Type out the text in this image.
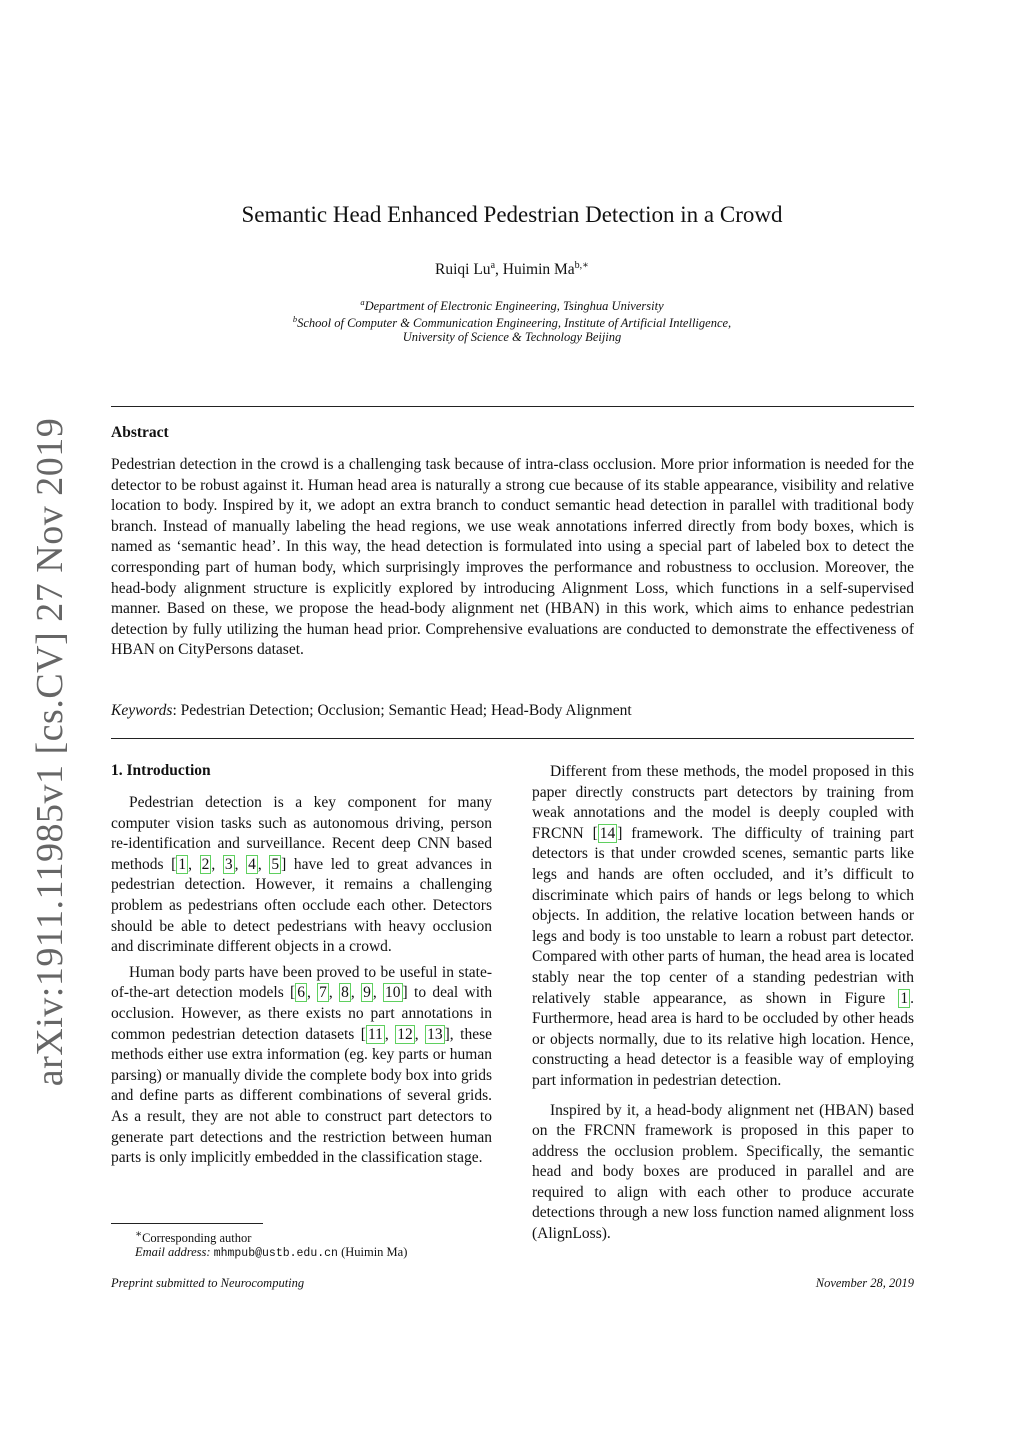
arXiv:1911.11985v1 [cs.CV] 27 Nov 2019
Semantic Head Enhanced Pedestrian Detection in a Crowd
Ruiqi Lu$^a$, Huimin $Ma^{b,∗}$
$^a$Department of Electronic Engineering, Tsinghua University
$^b$School of Computer & Communication Engineering, Institute of Artificial Intelligence,
University of Science & Technology Beijing
Abstract
Pedestrian detection in the crowd is a challenging task because of intra-class occlusion. More prior information is needed for the detector to be robust against it. Human head area is naturally a strong cue because of its stable appearance, visibility and relative location to body. Inspired by it, we adopt an extra branch to conduct semantic head detection in parallel with traditional body branch. Instead of manually labeling the head regions, we use weak annotations inferred directly from body boxes, which is named as ‘semantic head’. In this way, the head detection is formulated into using a special part of labeled box to detect the corresponding part of human body, which surprisingly improves the performance and robustness to occlusion. Moreover, the head-body alignment structure is explicitly explored by introducing Alignment Loss, which functions in a self-supervised manner. Based on these, we propose the head-body alignment net (HBAN) in this work, which aims to enhance pedestrian detection by fully utilizing the human head prior. Comprehensive evaluations are conducted to demonstrate the effectiveness of HBAN on CityPersons dataset.
Keywords: Pedestrian Detection; Occlusion; Semantic Head; Head-Body Alignment
1. Introduction

Pedestrian detection is a key component for many computer vision tasks such as autonomous driving, person re-identification and surveillance. Recent deep CNN based methods [ 1 , 2 , 3 , 4 , 5 ] have led to great advances in pedestrian detection. However, it remains a challenging problem as pedestrians often occlude each other. Detectors should be able to detect pedestrians with heavy occlusion and discriminate different objects in a crowd.

Human body parts have been proved to be useful in state-of-the-art detection models [ 6 , 7 , 8 , 9 , 10 ] to deal with occlusion. However, as there exists no part annotations in common pedestrian detection datasets [ 11 , 12 , 13 ], these methods either use extra information (eg. key parts or human parsing) or manually divide the complete body box into grids and define parts as different combinations of several grids. As a result, they are not able to construct part detectors to generate part detections and the restriction between human parts is only implicitly embedded in the classification stage.

Different from these methods, the model proposed in this paper directly constructs part detectors by training from weak annotations and the model is deeply coupled with FRCNN [ 14 ] framework. The difficulty of training part detectors is that under crowded scenes, semantic parts like legs and hands are often occluded, and it’s difficult to discriminate which pairs of hands or legs belong to which objects. In addition, the relative location between hands or legs and body is too unstable to learn a robust part detector. Compared with other parts of human, the head area is located stably near the top center of a standing pedestrian with relatively stable appearance, as shown in Figure 1 . Furthermore, head area is hard to be occluded by other heads or objects normally, due to its relative high location. Hence, constructing a head detector is a feasible way of employing part information in pedestrian detection.

Inspired by it, a head-body alignment net (HBAN) based on the FRCNN framework is proposed in this paper to address the occlusion problem. Specifically, the semantic head and body boxes are produced in parallel and are required to align with each other to produce accurate detections through a new loss function named alignment loss (AlignLoss).

∗Corresponding author
Email address: mhmpub@ustb.edu.cn (Huimin Ma)
Preprint submitted to Neurocomputing	November 28, 2019
